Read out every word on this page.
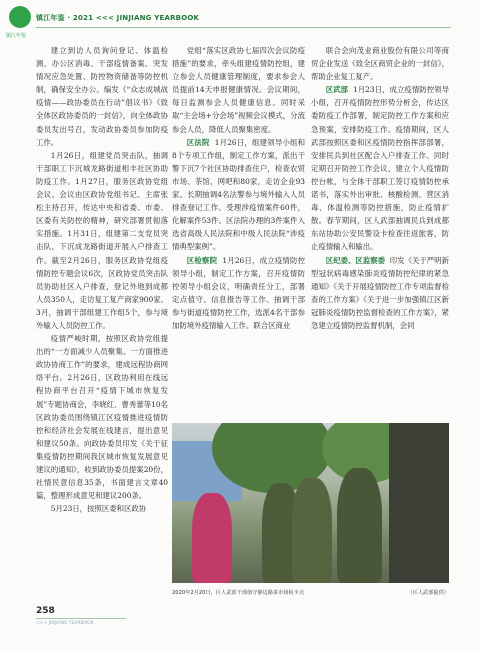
镇江年鉴
镇江年鉴 · 2021 <<< JINJIANG YEARBOOK

建立到访人员询问登记、体温检测、办公区消毒、干部疫情备案、突发情况应急处置、防控物资储备等防控机制，确保安全办公。编发《“众志成城战疫情——政协委员在行动”倡议书》《致全体区政协委员的一封信》，向全体政协委员发出号召，发动政协委员参加防疫工作。

1月26日，组建党员突击队，抽调干部职工下沉城龙路街道相丰社区协助防疫工作。1月27日，服务区政协党组会议。会议由区政协党组书记、主席张松主持召开，传达中央和省委、市委、区委有关防控的精神，研究部署贯彻落实措施。1月31日，组建第二支党员突击队，下沉成龙路街道开展入户排查工作。截至2月26日，服务区政协党组疫情防控专题会议6次，区政协党员突击队员协助社区入户排查，登记外地到成都人员350人，走访复工复产商家900家。3月，抽调干部组建工作组5个，参与境外输入人员防控工作。

疫情严峻时期，按照区政协党组提出的“一方面减少人员聚集、一方面推进政协协商工作”的要求，建成远程协商网络平台。2月26日，区政协利用在线远程协商平台召开“疫情下城市恢复发展”专题协商会，李晓红、曹秀蕾等10名区政协委员围绕镇江区疫情推进疫情防控和经济社会发展在线建言，提出意见和建议50条。向政协委员印发《关于征集疫情防控期间我区城市恢复发展意见建议的通知》，收到政协委员提案20份，社情民意信息35条，书面建言文章40篇，整理形成意见和建议200条。

5月23日，按照区委和区政协

党组“落实区政协七届四次会议防疫措施”的要求，牵头组建疫情防控组，建立参会人员健康管理制度，要求参会人员提前14天申报健康情况。会议期间，每日监测参会人员健康信息。同时采取“主会场+分会场”视频会议模式，分流参会人员，降低人员聚集密度。

区法院 1月26日，组建领导小组和8个专项工作组，制定工作方案，派出干警下沉7个社区协助排查住户，检查农贸市场、茶馆、网吧和80家，走访企业93家。长期抽调4名法警参与境外输入人员排查登记工作。受理涉疫情案件60件，化解案件53件。区法院办理的3件案件入选省高级人民法院和中级人民法院“涉疫情典型案例”。

区检察院 1月26日，成立疫情防控领导小组，制定工作方案，召开疫情防控领导小组会议，明确责任分工，部署定点值守、信息报告等工作。抽调干部参与街道疫情防控工作，选派4名干部参加防境外疫情输入工作。联合区商业

联合会向茂业商业股份有限公司等商贸企业发送《致全区商贸企业的一封信》，帮助企业复工复产。

区武部 1月23日，成立疫情防控领导小组，召开疫情防控形势分析会，传达区委防疫工作部署，制定防控工作方案和应急预案，安排防疫工作。疫情期间，区人武部按照区委和区疫情防控指挥部部署，安排民兵到社区配合入户排查工作。同时定期召开防控工作会议，建立个人疫情防控台帐，与全体干部职工签订疫情防控承诺书，落实外出审批、核酸检测、营区消毒、体温检测等防控措施，防止疫情扩散。春节期间，区人武部抽调民兵到成都东站协助公安民警设卡检查往返旅客，防止疫情输入和输出。

区纪委、区监察委 印发《关于严明新型冠状病毒感染肺炎疫情防控纪律的紧急通知》《关于开展疫情防控工作专项监督检查的工作方案》《关于进一步加强镇江区新冠肺炎疫情防控监督检查的工作方案》，紧急建立疫情防控监督机制，会同

2020年2月20日，区人武部干部值守静边路菜市场检卡点	（区人武部提供）
258
<<< JINJIANG YEARBOOK
